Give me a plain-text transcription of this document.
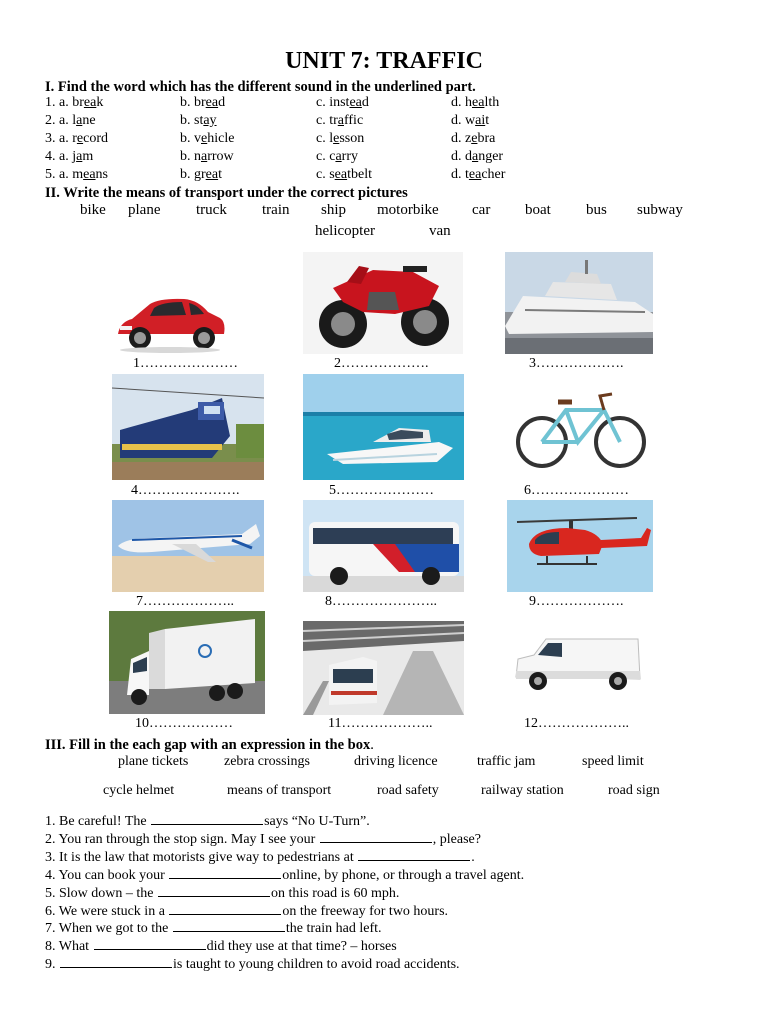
UNIT 7: TRAFFIC
I. Find the word which has the different sound in the underlined part.
1. a. break	b. bread	c. instead	d. health
2. a. lane	b. stay	c. traffic	d. wait
3. a. record	b. vehicle	c. lesson	d. zebra
4. a. jam	b. narrow	c. carry	d. danger
5. a. means	b. great	c. seatbelt	d. teacher
II. Write the means of transport under the correct pictures
bike plane truck train ship motorbike car boat bus subway
helicopter	van
1…………………	2……………….	3……………….
4………………….	5…………………	6…………………
7………………..	8…………………..	9……………….
10………………	11………………..	12………………..
III. Fill in the each gap with an expression in the box.
plane tickets	zebra crossings	driving licence	traffic jam	speed limit
cycle helmet	means of transport	road safety	railway station	road sign
1. Be careful! The	says “No U-Turn”.
2. You ran through the stop sign. May I see your	, please?
3. It is the law that motorists give way to pedestrians at	.
4. You can book your	online, by phone, or through a travel agent.
5. Slow down – the	on this road is 60 mph.
6. We were stuck in a	on the freeway for two hours.
7. When we got to the	the train had left.
8. What	did they use at that time? – horses
9.	is taught to young children to avoid road accidents.
